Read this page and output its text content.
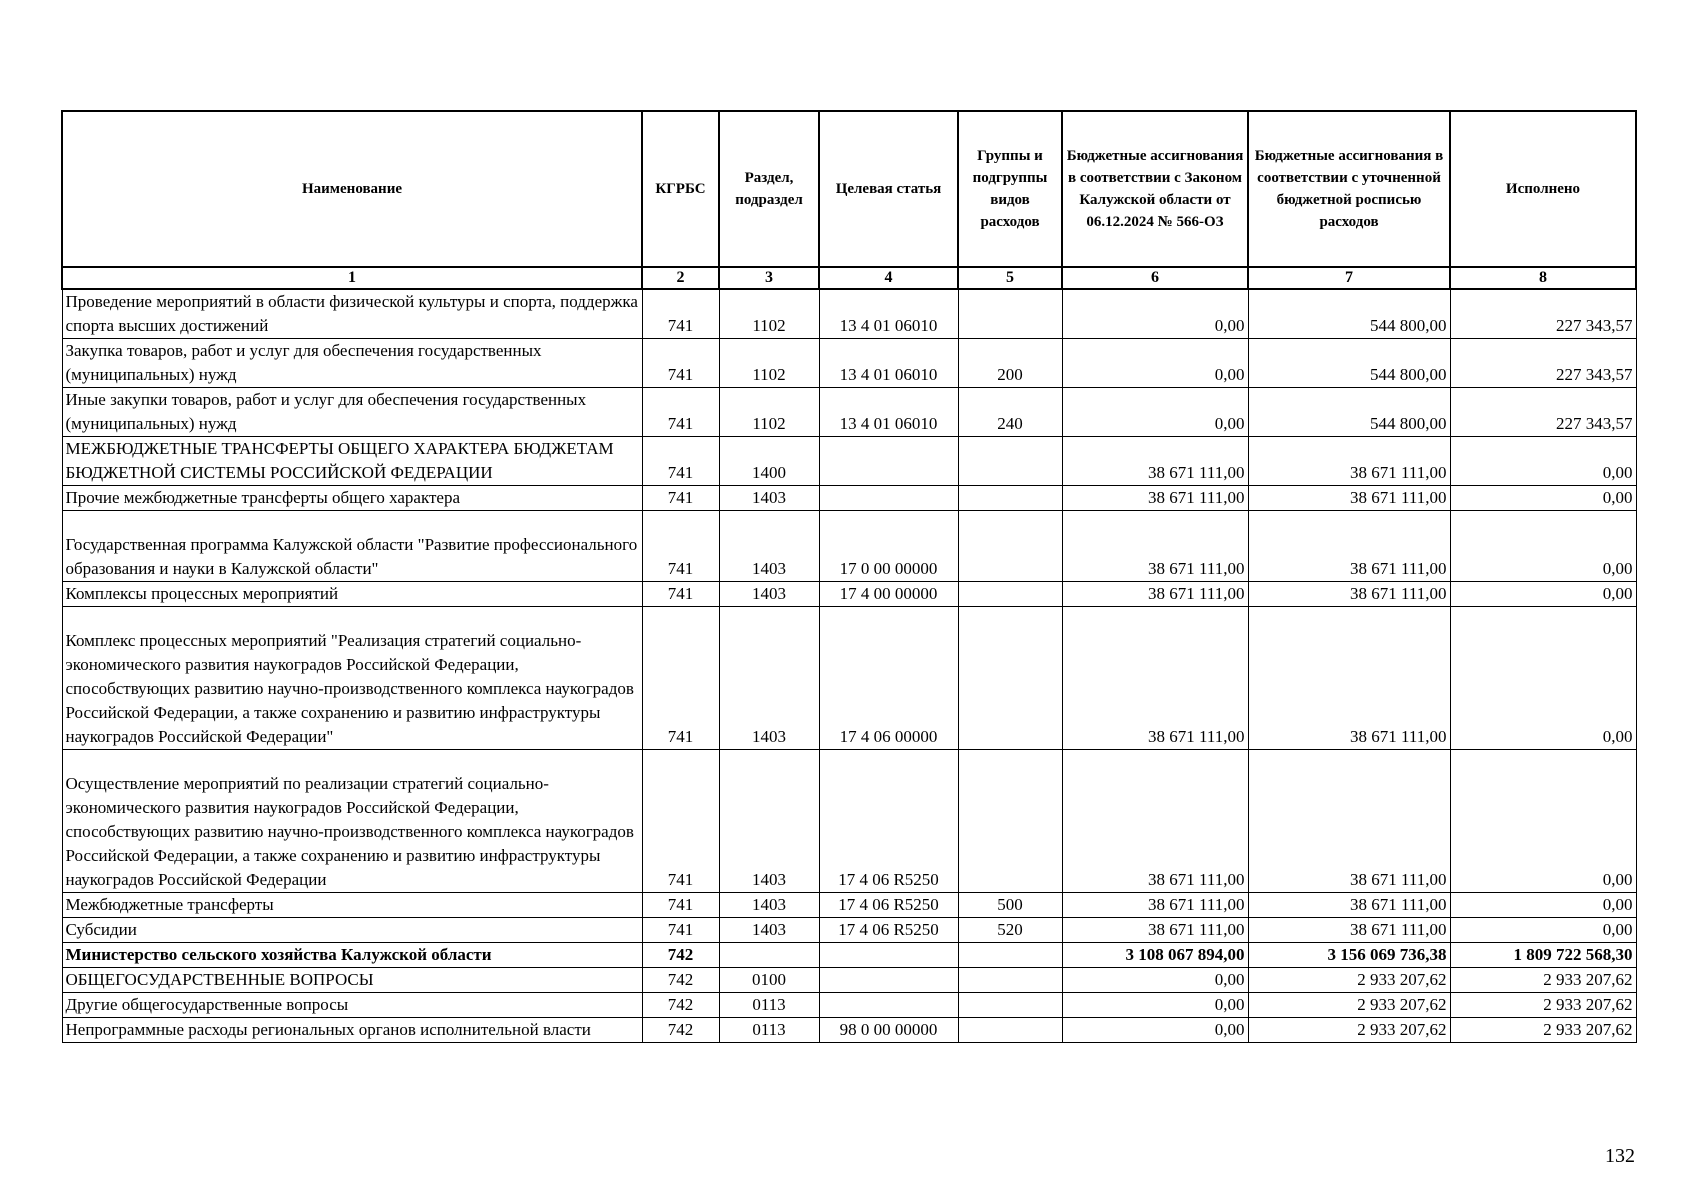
Наименование	КГРБС	Раздел, подраздел	Целевая статья	Группы и подгруппы видов расходов	Бюджетные ассигнования в соответствии с Законом Калужской области от 06.12.2024 № 566-ОЗ	Бюджетные ассигнования в соответствии с уточненной бюджетной росписью расходов	Исполнено
1	2	3	4	5	6	7	8
Проведение мероприятий в области физической культуры и спорта, поддержка спорта высших достижений	741	1102	13 4 01 06010		0,00	544 800,00	227 343,57
Закупка товаров, работ и услуг для обеспечения государственных (муниципальных) нужд	741	1102	13 4 01 06010	200	0,00	544 800,00	227 343,57
Иные закупки товаров, работ и услуг для обеспечения государственных (муниципальных) нужд	741	1102	13 4 01 06010	240	0,00	544 800,00	227 343,57
МЕЖБЮДЖЕТНЫЕ ТРАНСФЕРТЫ ОБЩЕГО ХАРАКТЕРА БЮДЖЕТАМ БЮДЖЕТНОЙ СИСТЕМЫ РОССИЙСКОЙ ФЕДЕРАЦИИ	741	1400			38 671 111,00	38 671 111,00	0,00
Прочие межбюджетные трансферты общего характера	741	1403			38 671 111,00	38 671 111,00	0,00
Государственная программа Калужской области "Развитие профессионального образования и науки в Калужской области"	741	1403	17 0 00 00000		38 671 111,00	38 671 111,00	0,00
Комплексы процессных мероприятий	741	1403	17 4 00 00000		38 671 111,00	38 671 111,00	0,00
Комплекс процессных мероприятий "Реализация стратегий социально-экономического развития наукоградов Российской Федерации, способствующих развитию научно-производственного комплекса наукоградов Российской Федерации, а также сохранению и развитию инфраструктуры наукоградов Российской Федерации"	741	1403	17 4 06 00000		38 671 111,00	38 671 111,00	0,00
Осуществление мероприятий по реализации стратегий социально-экономического развития наукоградов Российской Федерации, способствующих развитию научно-производственного комплекса наукоградов Российской Федерации, а также сохранению и развитию инфраструктуры наукоградов Российской Федерации	741	1403	17 4 06 R5250		38 671 111,00	38 671 111,00	0,00
Межбюджетные трансферты	741	1403	17 4 06 R5250	500	38 671 111,00	38 671 111,00	0,00
Субсидии	741	1403	17 4 06 R5250	520	38 671 111,00	38 671 111,00	0,00
Министерство сельского хозяйства Калужской области	742				3 108 067 894,00	3 156 069 736,38	1 809 722 568,30
ОБЩЕГОСУДАРСТВЕННЫЕ ВОПРОСЫ	742	0100			0,00	2 933 207,62	2 933 207,62
Другие общегосударственные вопросы	742	0113			0,00	2 933 207,62	2 933 207,62
Непрограммные расходы региональных органов исполнительной власти	742	0113	98 0 00 00000		0,00	2 933 207,62	2 933 207,62
132
